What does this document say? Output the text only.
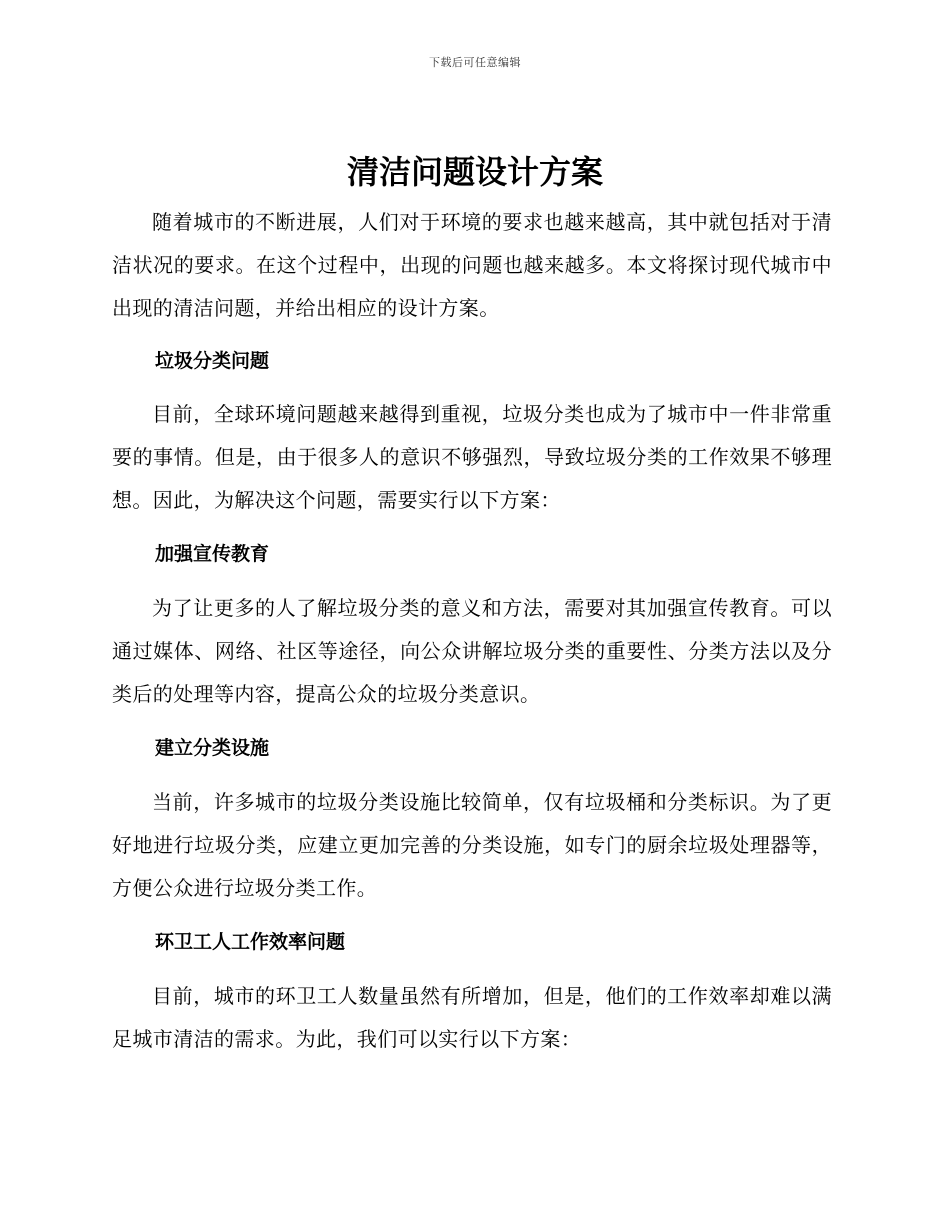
下载后可任意编辑
清洁问题设计方案

随着城市的不断进展，人们对于环境的要求也越来越高，其中就包括对于清洁状况的要求。在这个过程中，出现的问题也越来越多。本文将探讨现代城市中出现的清洁问题，并给出相应的设计方案。

垃圾分类问题

目前，全球环境问题越来越得到重视，垃圾分类也成为了城市中一件非常重要的事情。但是，由于很多人的意识不够强烈，导致垃圾分类的工作效果不够理想。因此，为解决这个问题，需要实行以下方案：

加强宣传教育

为了让更多的人了解垃圾分类的意义和方法，需要对其加强宣传教育。可以通过媒体、网络、社区等途径，向公众讲解垃圾分类的重要性、分类方法以及分类后的处理等内容，提高公众的垃圾分类意识。

建立分类设施

当前，许多城市的垃圾分类设施比较简单，仅有垃圾桶和分类标识。为了更好地进行垃圾分类，应建立更加完善的分类设施，如专门的厨余垃圾处理器等，方便公众进行垃圾分类工作。

环卫工人工作效率问题

目前，城市的环卫工人数量虽然有所增加，但是，他们的工作效率却难以满足城市清洁的需求。为此，我们可以实行以下方案：
